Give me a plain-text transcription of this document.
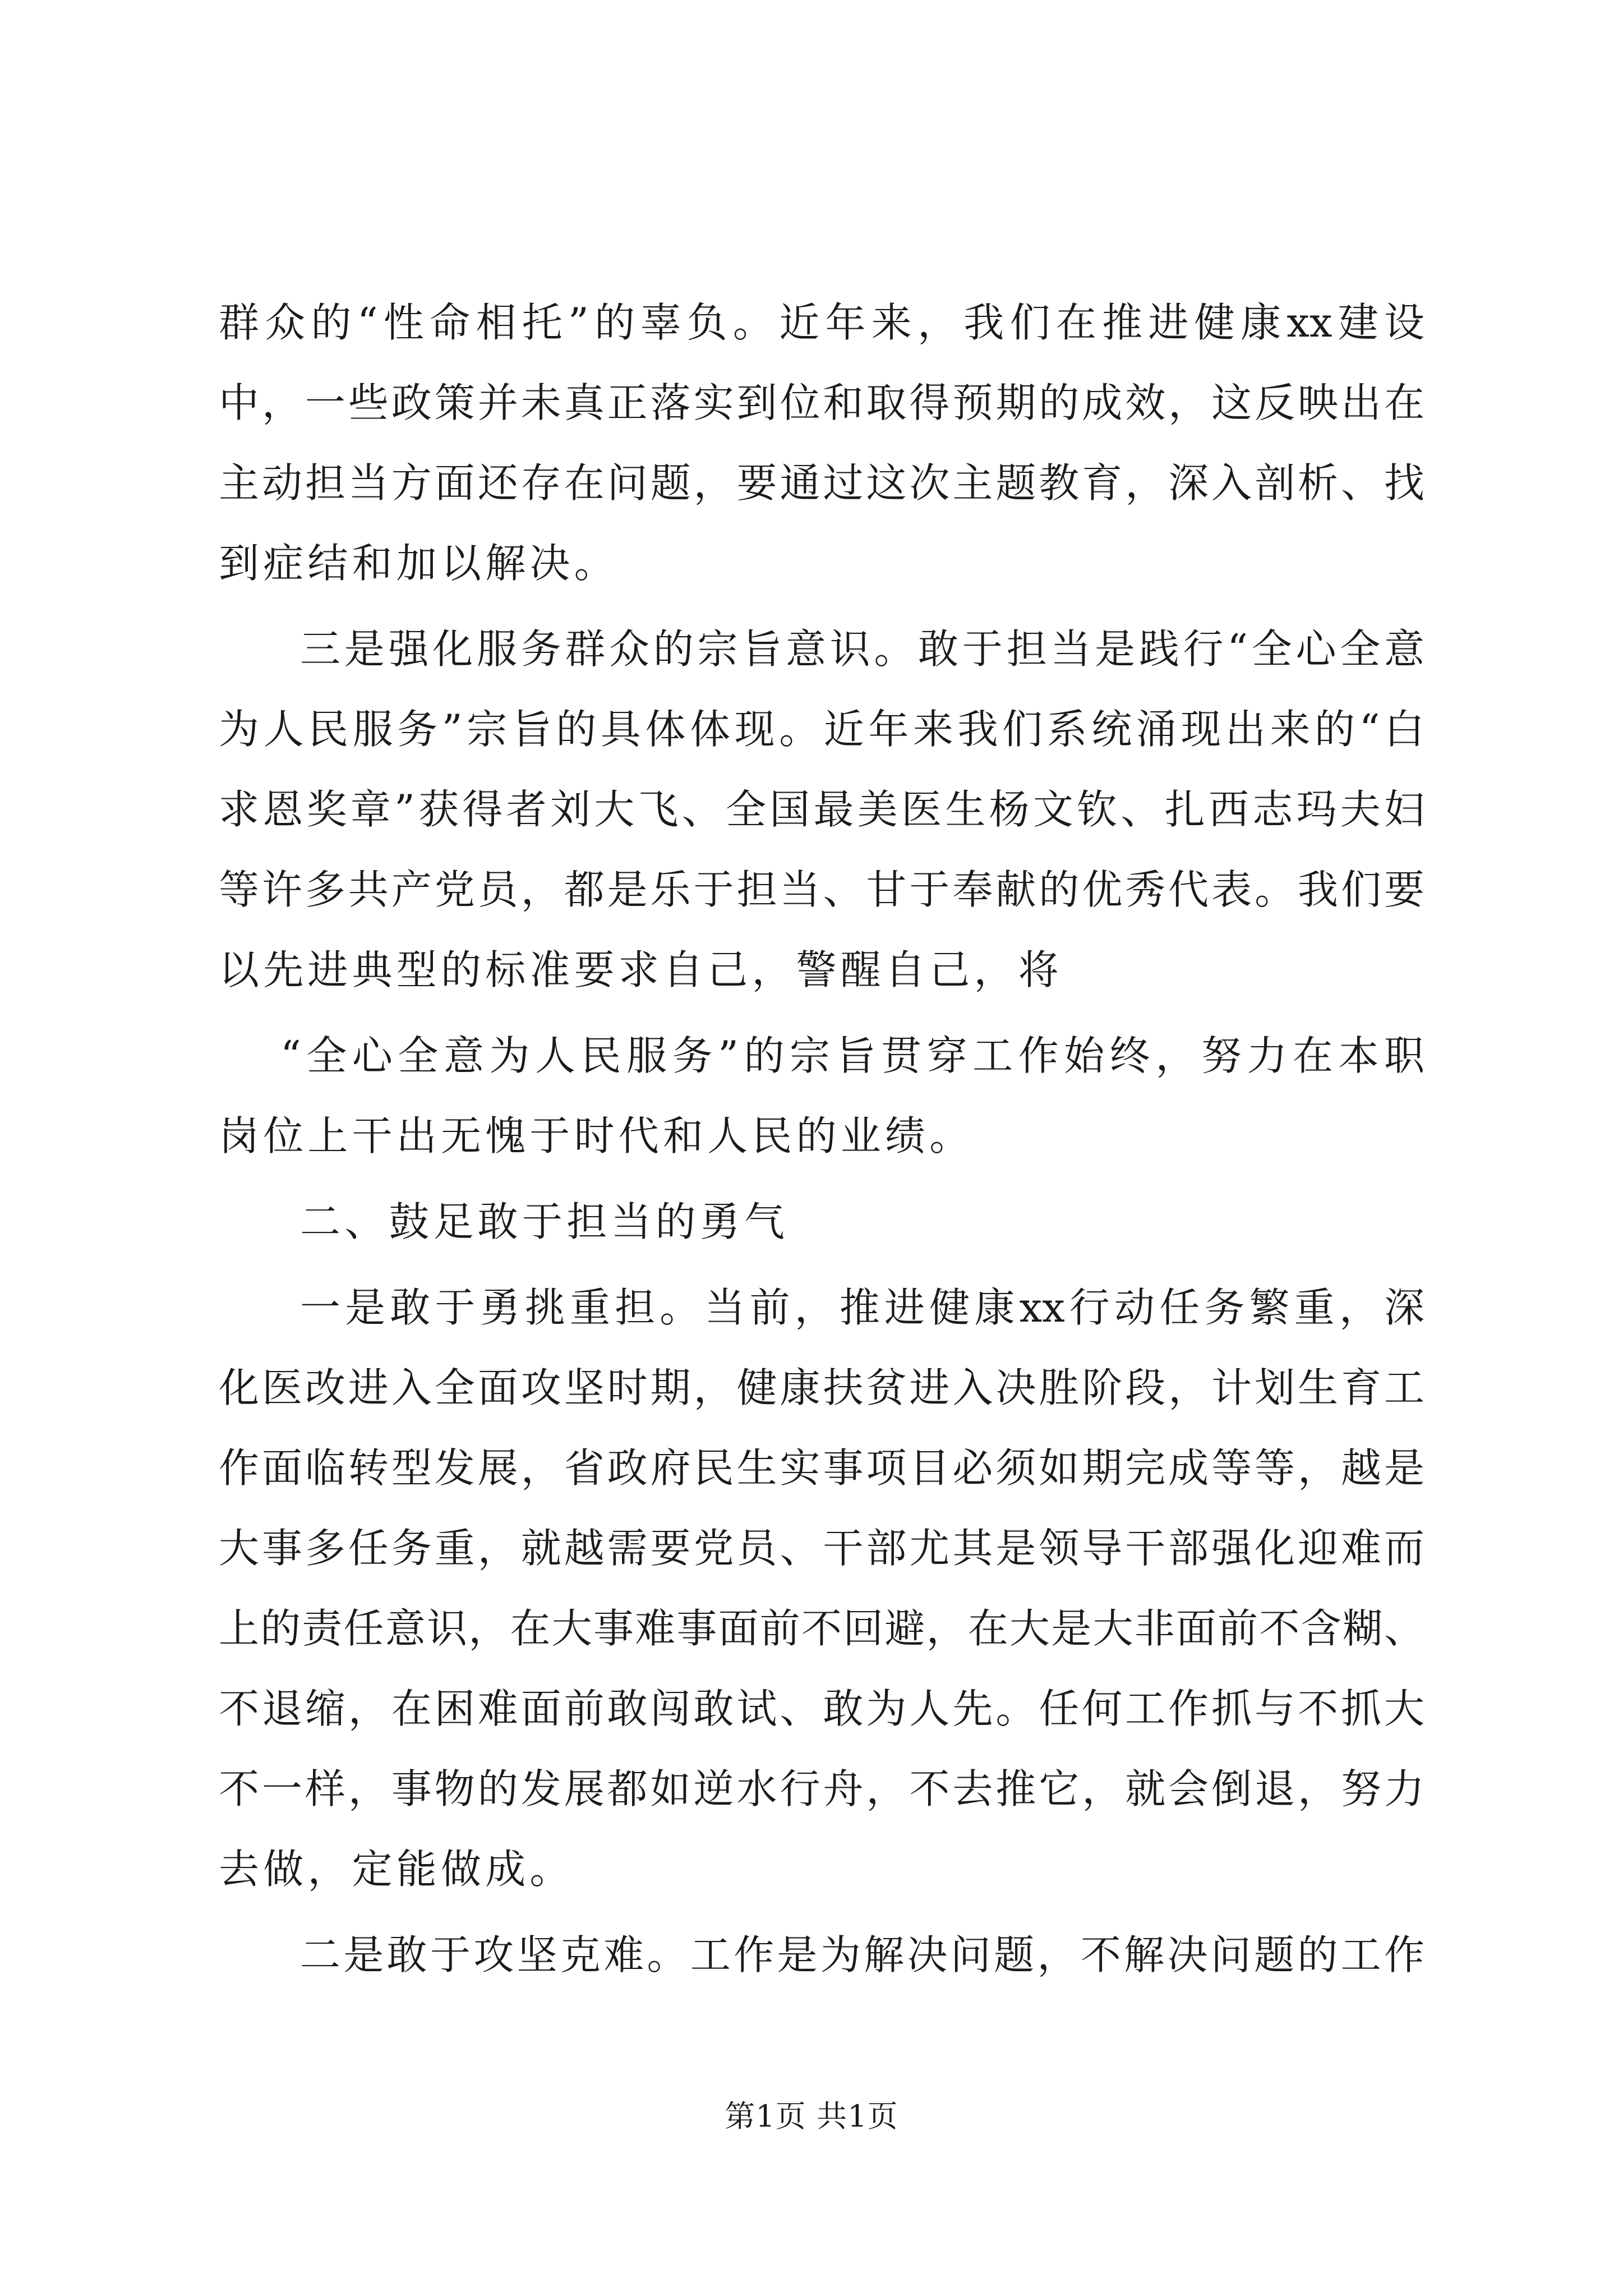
群众的“性命相托”的辜负。近年来，我们在推进健康xx建设
中，一些政策并未真正落实到位和取得预期的成效，这反映出在
主动担当方面还存在问题，要通过这次主题教育，深入剖析、找
到症结和加以解决。
三是强化服务群众的宗旨意识。敢于担当是践行“全心全意
为人民服务”宗旨的具体体现。近年来我们系统涌现出来的“白
求恩奖章”获得者刘大飞、全国最美医生杨文钦、扎西志玛夫妇
等许多共产党员，都是乐于担当、甘于奉献的优秀代表。我们要
以先进典型的标准要求自己，警醒自己，将
“全心全意为人民服务”的宗旨贯穿工作始终，努力在本职
岗位上干出无愧于时代和人民的业绩。
二、鼓足敢于担当的勇气
一是敢于勇挑重担。当前，推进健康xx行动任务繁重，深
化医改进入全面攻坚时期，健康扶贫进入决胜阶段，计划生育工
作面临转型发展，省政府民生实事项目必须如期完成等等，越是
大事多任务重，就越需要党员、干部尤其是领导干部强化迎难而
上的责任意识，在大事难事面前不回避，在大是大非面前不含糊、
不退缩，在困难面前敢闯敢试、敢为人先。任何工作抓与不抓大
不一样，事物的发展都如逆水行舟，不去推它，就会倒退，努力
去做，定能做成。
二是敢于攻坚克难。工作是为解决问题，不解决问题的工作
第1页 共1页
